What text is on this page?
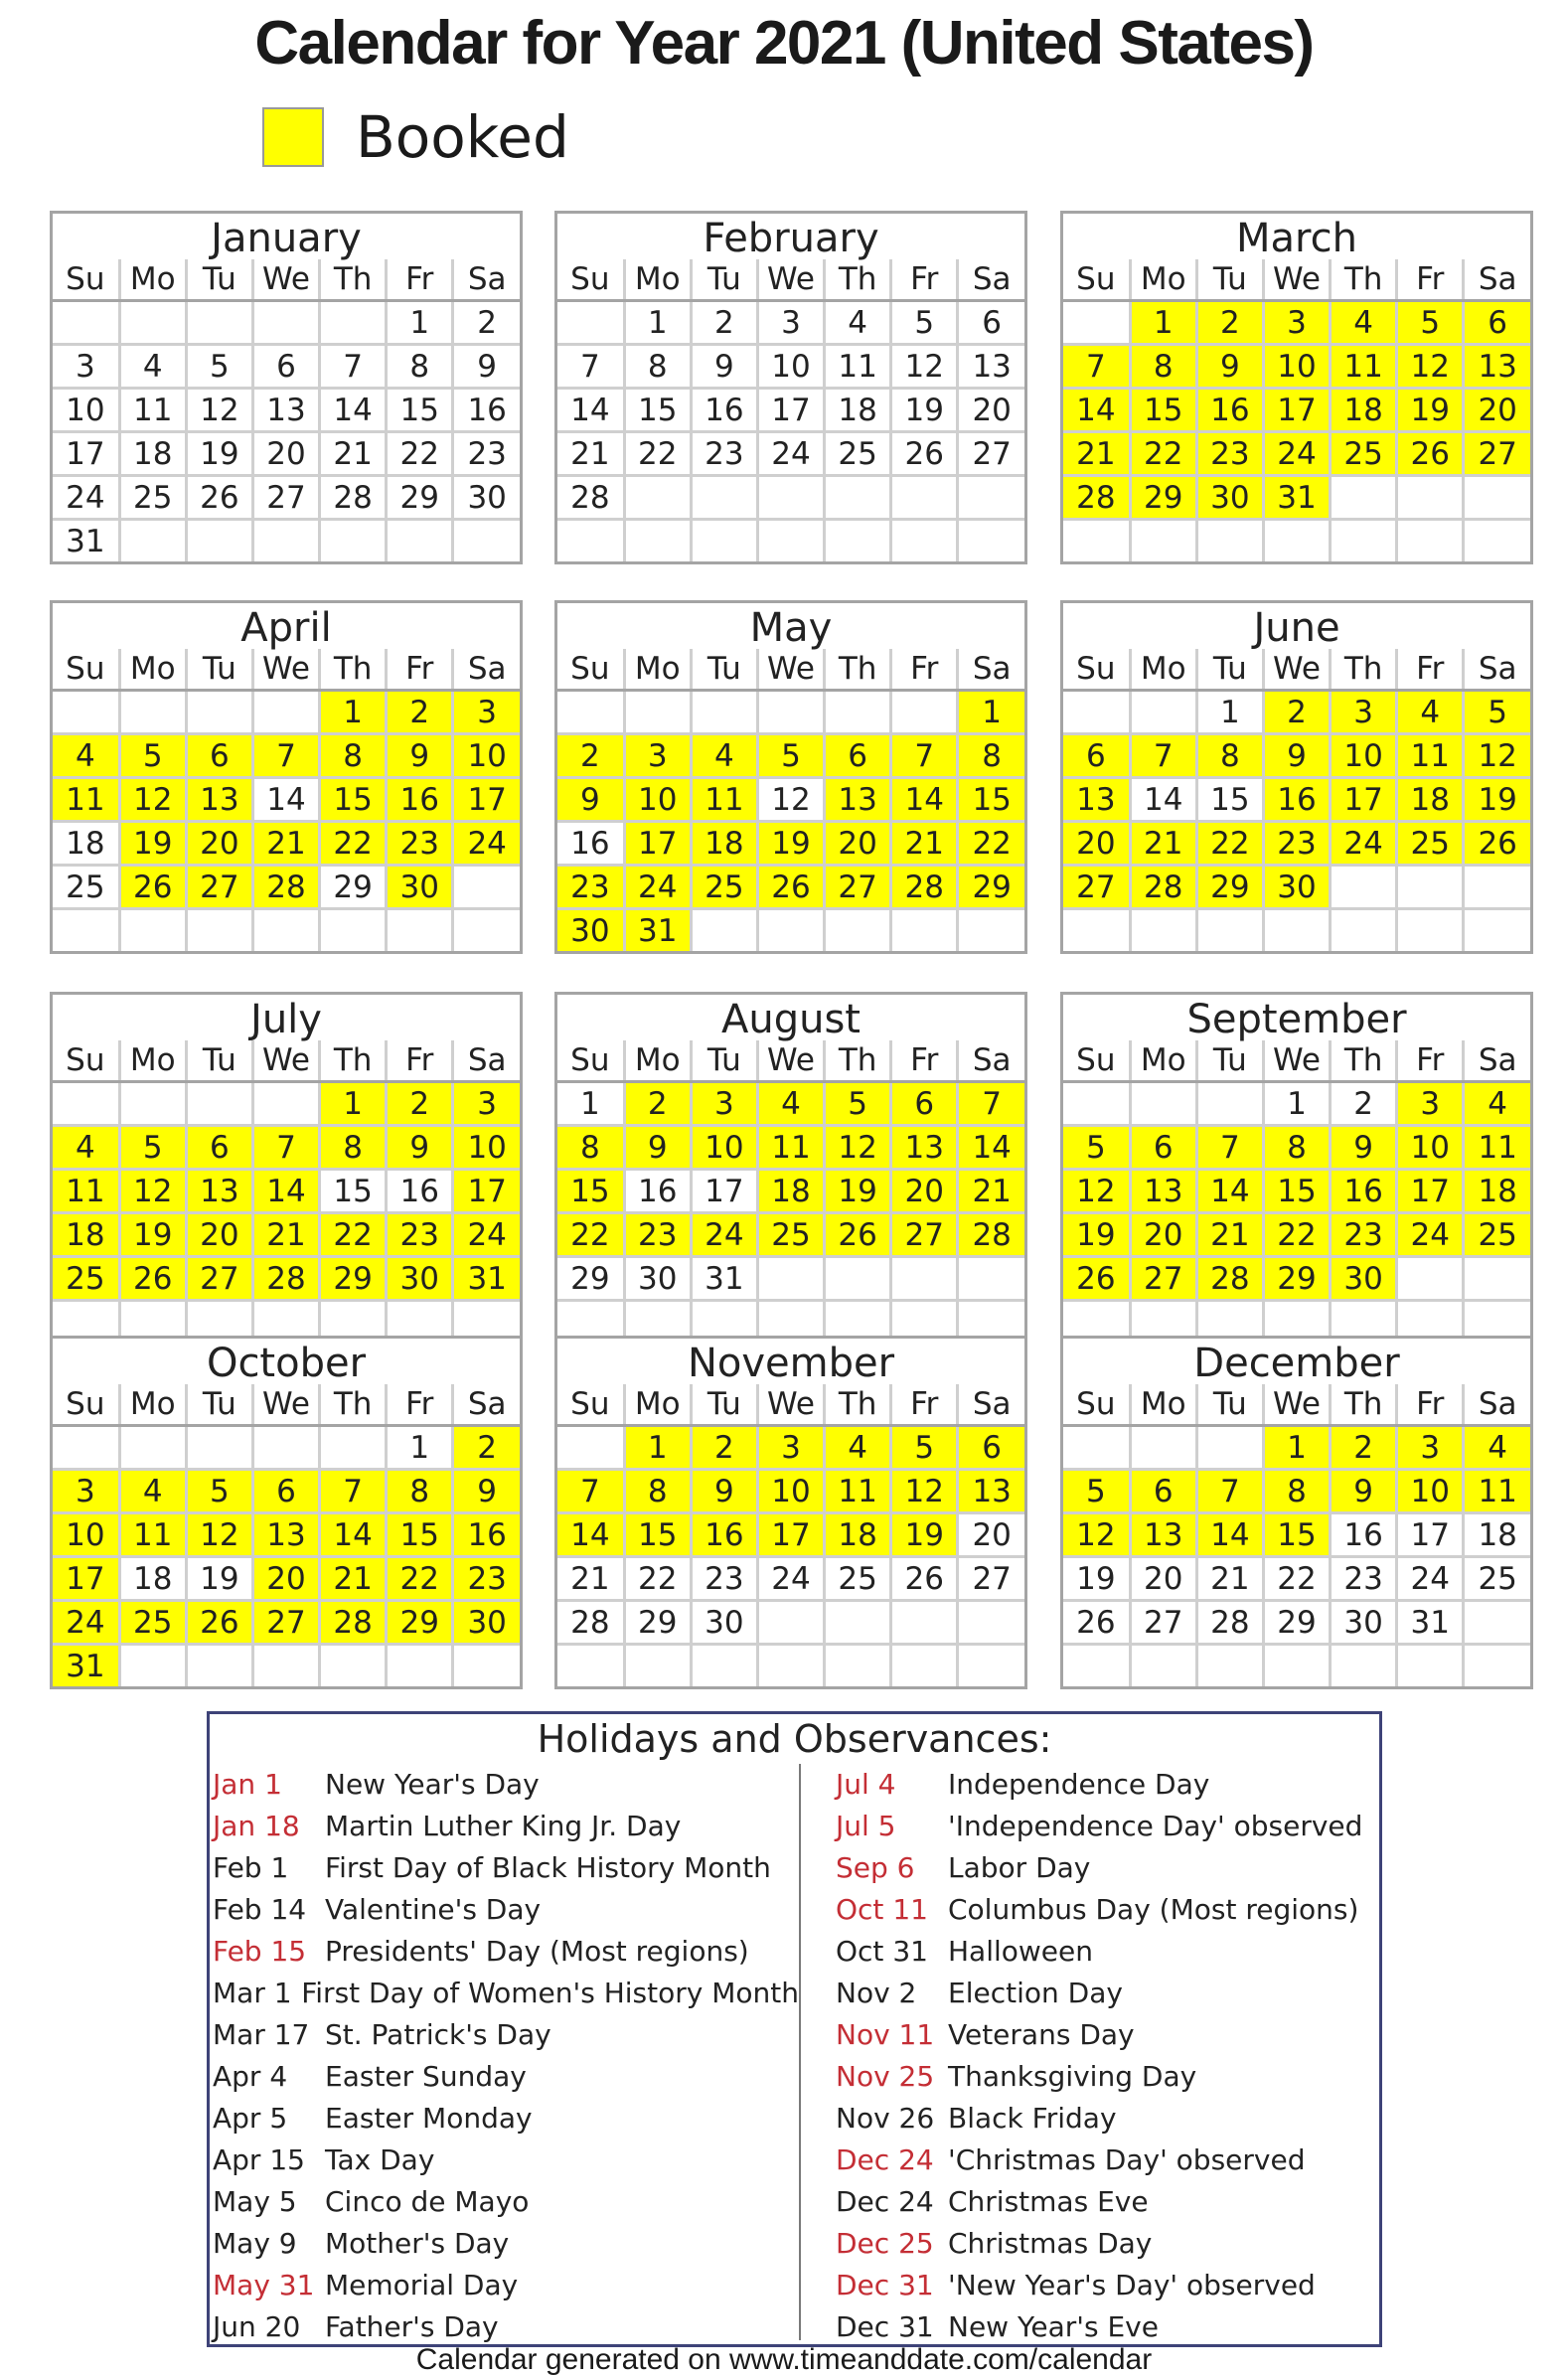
Calendar for Year 2021 (United States)
Booked
January
Su	Mo	Tu	We	Th	Fr	Sa
					1	2
3	4	5	6	7	8	9
10	11	12	13	14	15	16
17	18	19	20	21	22	23
24	25	26	27	28	29	30
31						
February
Su	Mo	Tu	We	Th	Fr	Sa
	1	2	3	4	5	6
7	8	9	10	11	12	13
14	15	16	17	18	19	20
21	22	23	24	25	26	27
28						

March
Su	Mo	Tu	We	Th	Fr	Sa
	1	2	3	4	5	6
7	8	9	10	11	12	13
14	15	16	17	18	19	20
21	22	23	24	25	26	27
28	29	30	31			

April
Su	Mo	Tu	We	Th	Fr	Sa
				1	2	3
4	5	6	7	8	9	10
11	12	13	14	15	16	17
18	19	20	21	22	23	24
25	26	27	28	29	30	

May
Su	Mo	Tu	We	Th	Fr	Sa
						1
2	3	4	5	6	7	8
9	10	11	12	13	14	15
16	17	18	19	20	21	22
23	24	25	26	27	28	29
30	31					
June
Su	Mo	Tu	We	Th	Fr	Sa
		1	2	3	4	5
6	7	8	9	10	11	12
13	14	15	16	17	18	19
20	21	22	23	24	25	26
27	28	29	30			

July
Su	Mo	Tu	We	Th	Fr	Sa
				1	2	3
4	5	6	7	8	9	10
11	12	13	14	15	16	17
18	19	20	21	22	23	24
25	26	27	28	29	30	31

August
Su	Mo	Tu	We	Th	Fr	Sa
1	2	3	4	5	6	7
8	9	10	11	12	13	14
15	16	17	18	19	20	21
22	23	24	25	26	27	28
29	30	31				

September
Su	Mo	Tu	We	Th	Fr	Sa
			1	2	3	4
5	6	7	8	9	10	11
12	13	14	15	16	17	18
19	20	21	22	23	24	25
26	27	28	29	30		

October
Su	Mo	Tu	We	Th	Fr	Sa
					1	2
3	4	5	6	7	8	9
10	11	12	13	14	15	16
17	18	19	20	21	22	23
24	25	26	27	28	29	30
31						
November
Su	Mo	Tu	We	Th	Fr	Sa
	1	2	3	4	5	6
7	8	9	10	11	12	13
14	15	16	17	18	19	20
21	22	23	24	25	26	27
28	29	30				

December
Su	Mo	Tu	We	Th	Fr	Sa
			1	2	3	4
5	6	7	8	9	10	11
12	13	14	15	16	17	18
19	20	21	22	23	24	25
26	27	28	29	30	31	

Holidays and Observances:
Jan 1	New Year's Day
Jan 18 Martin Luther King Jr. Day
Feb 1	First Day of Black History Month
Feb 14 Valentine's Day
Feb 15 Presidents' Day (Most regions)
Mar 1 First Day of Women's History Month
Mar 17 St. Patrick's Day
Apr 4	Easter Sunday
Apr 5	Easter Monday
Apr 15 Tax Day
May 5	Cinco de Mayo
May 9	Mother's Day
May 31 Memorial Day
Jun 20 Father's Day
Jul 4	Independence Day
Jul 5	'Independence Day' observed
Sep 6	Labor Day
Oct 11 Columbus Day (Most regions)
Oct 31 Halloween
Nov 2	Election Day
Nov 11 Veterans Day
Nov 25 Thanksgiving Day
Nov 26 Black Friday
Dec 24 'Christmas Day' observed
Dec 24 Christmas Eve
Dec 25 Christmas Day
Dec 31 'New Year's Day' observed
Dec 31 New Year's Eve
Calendar generated on www.timeanddate.com/calendar
